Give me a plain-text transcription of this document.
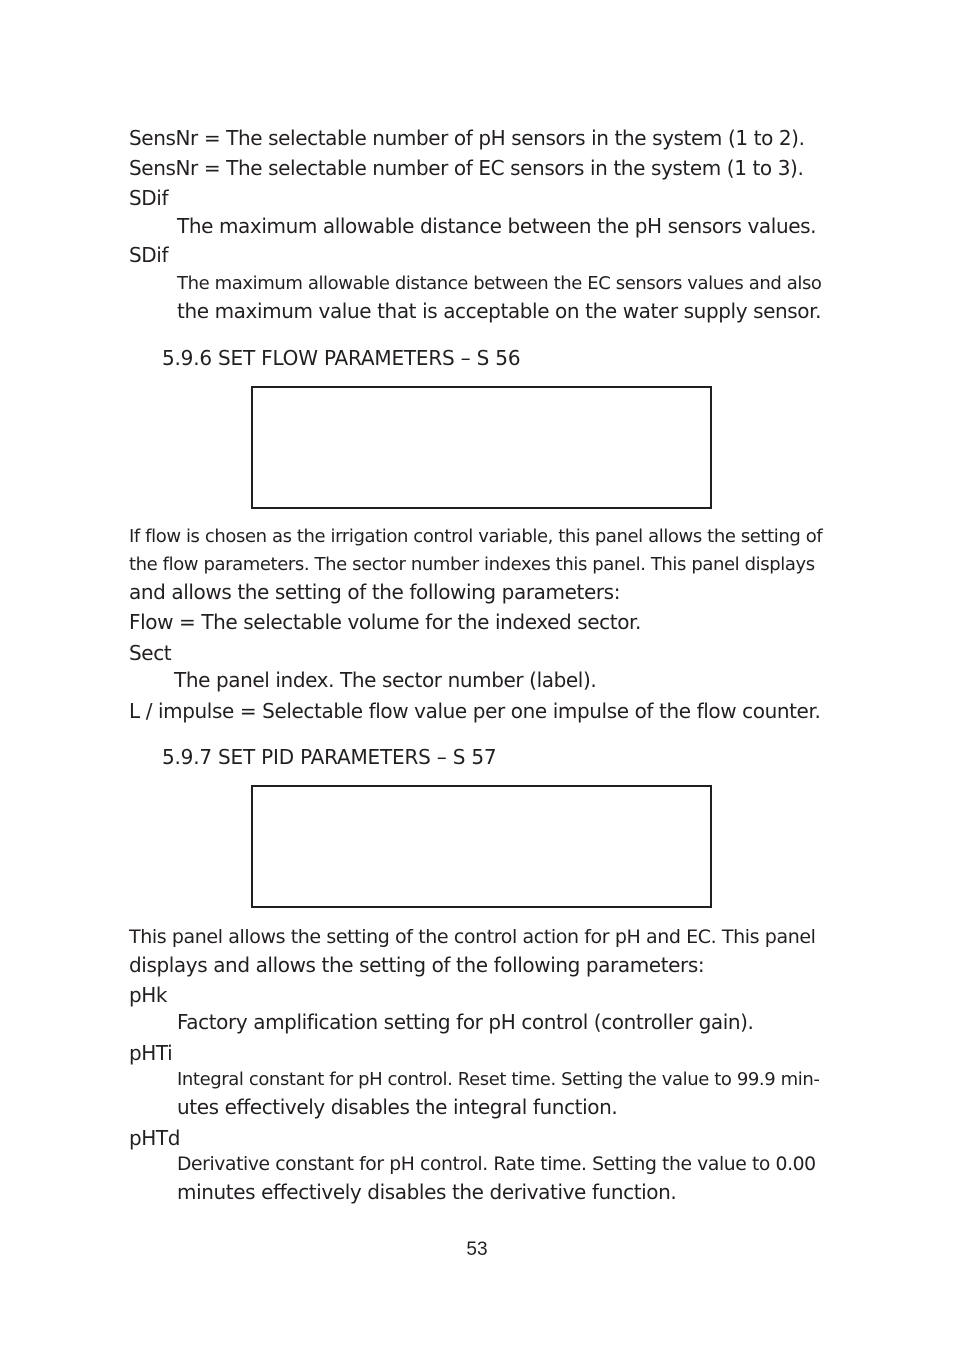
SensNr = The selectable number of pH sensors in the system (1 to 2).
SensNr = The selectable number of EC sensors in the system (1 to 3).
SDif
The maximum allowable distance between the pH sensors values.
SDif
The maximum allowable distance between the EC sensors values and also
the maximum value that is acceptable on the water supply sensor.
5.9.6 SET FLOW PARAMETERS – S 56
If flow is chosen as the irrigation control variable, this panel allows the setting of
the flow parameters. The sector number indexes this panel. This panel displays
and allows the setting of the following parameters:
Flow = The selectable volume for the indexed sector.
Sect
The panel index. The sector number (label).
L / impulse = Selectable flow value per one impulse of the flow counter.
5.9.7 SET PID PARAMETERS – S 57
This panel allows the setting of the control action for pH and EC. This panel
displays and allows the setting of the following parameters:
pHk
Factory amplification setting for pH control (controller gain).
pHTi
Integral constant for pH control. Reset time. Setting the value to 99.9 min-
utes effectively disables the integral function.
pHTd
Derivative constant for pH control. Rate time. Setting the value to 0.00
minutes effectively disables the derivative function.
53
